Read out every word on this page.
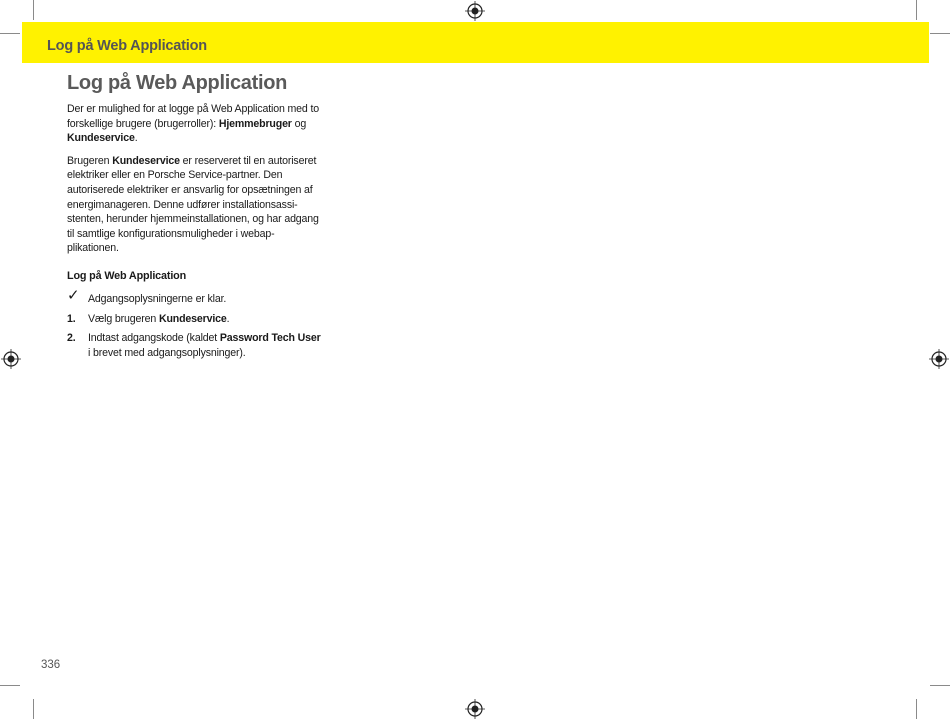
Log på Web Application
Log på Web Application

Der er mulighed for at logge på Web Application med to forskellige brugere (brugerroller): Hjemmebruger og Kundeservice.

Brugeren Kundeservice er reserveret til en autoriseret elektriker eller en Porsche Service-partner. Den autoriserede elektriker er ansvarlig for opsætningen af energimanageren. Denne udfører installationsassistenten, herunder hjemmeinstallationen, og har adgang til samtlige konfigurationsmuligheder i webapplikationen.

Log på Web Application
✓ Adgangsoplysningerne er klar.
1. Vælg brugeren Kundeservice.
2. Indtast adgangskode (kaldet Password Tech User i brevet med adgangsoplysninger).
336
